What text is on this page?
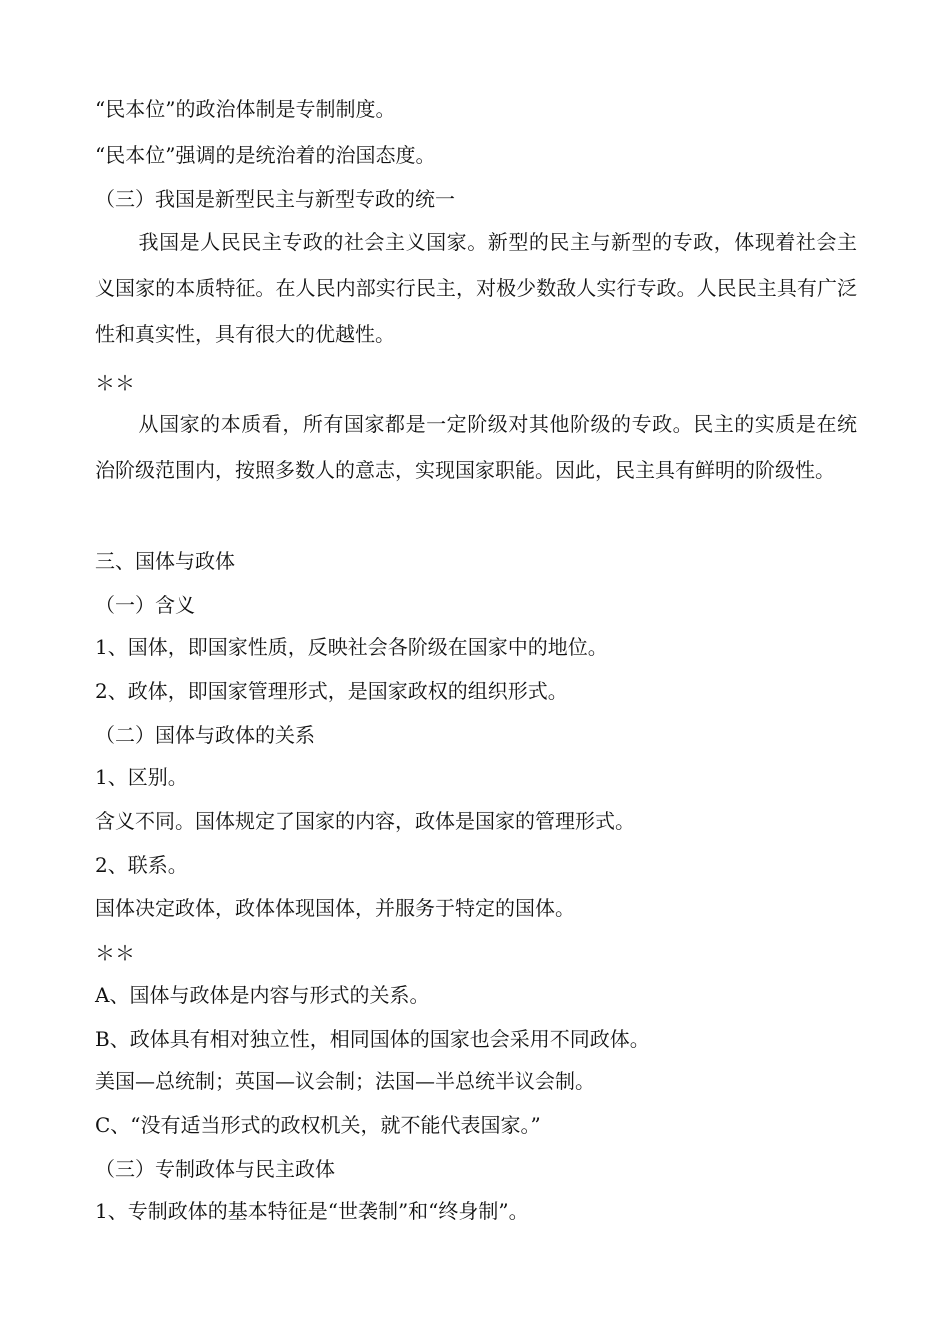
“民本位”的政治体制是专制制度。
“民本位”强调的是统治着的治国态度。
（三）我国是新型民主与新型专政的统一

我国是人民民主专政的社会主义国家。新型的民主与新型的专政，体现着社会主义国家的本质特征。在人民内部实行民主，对极少数敌人实行专政。人民民主具有广泛性和真实性，具有很大的优越性。

＊＊

从国家的本质看，所有国家都是一定阶级对其他阶级的专政。民主的实质是在统治阶级范围内，按照多数人的意志，实现国家职能。因此，民主具有鲜明的阶级性。

三、国体与政体
（一）含义
1、国体，即国家性质，反映社会各阶级在国家中的地位。
2、政体，即国家管理形式，是国家政权的组织形式。
（二）国体与政体的关系
1、区别。
含义不同。国体规定了国家的内容，政体是国家的管理形式。
2、联系。
国体决定政体，政体体现国体，并服务于特定的国体。
＊＊
A、国体与政体是内容与形式的关系。
B、政体具有相对独立性，相同国体的国家也会采用不同政体。
美国—总统制；英国—议会制；法国—半总统半议会制。
C、“没有适当形式的政权机关，就不能代表国家。”
（三）专制政体与民主政体
1、专制政体的基本特征是“世袭制”和“终身制”。
